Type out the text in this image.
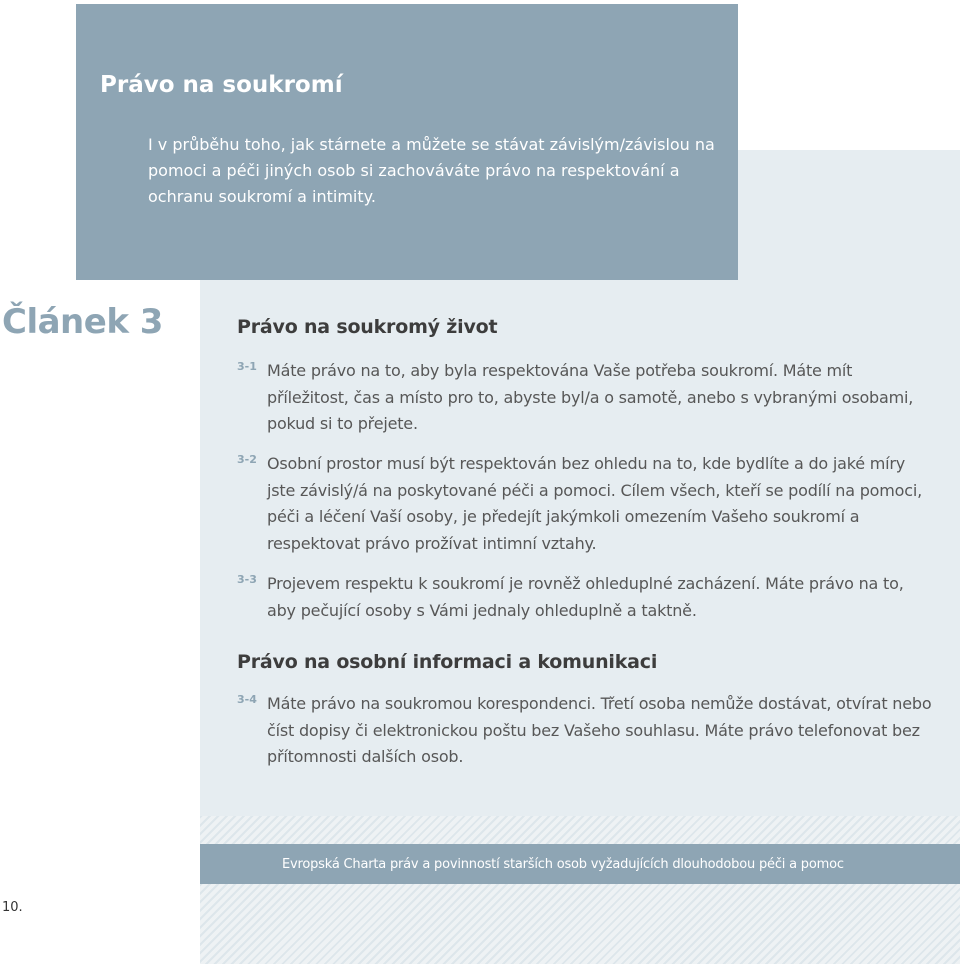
Evropská Charta práv a povinností starších osob vyžadujících dlouhodobou péči a pomoc
Právo na soukromí

I v průběhu toho, jak stárnete a můžete se stávat závislým/závislou na pomoci a péči jiných osob si zachováváte právo na respektování a ochranu soukromí a intimity.

Článek 3	Právo na soukromý život
3-1 Máte právo na to, aby byla respektována Vaše potřeba soukromí. Máte mít příležitost, čas a místo pro to, abyste byl/a o samotě, anebo s vybranými osobami, pokud si to přejete.

3-2 Osobní prostor musí být respektován bez ohledu na to, kde bydlíte a do jaké míry jste závislý/á na poskytované péči a pomoci. Cílem všech, kteří se podílí na pomoci, péči a léčení Vaší osoby, je předejít jakýmkoli omezením Vašeho soukromí a respektovat právo prožívat intimní vztahy.

3-3 Projevem respektu k soukromí je rovněž ohleduplné zacházení. Máte právo na to, aby pečující osoby s Vámi jednaly ohleduplně a taktně.

Právo na osobní informaci a komunikaci
3-4 Máte právo na soukromou korespondenci. Třetí osoba nemůže dostávat, otvírat nebo číst dopisy či elektronickou poštu bez Vašeho souhlasu. Máte právo telefonovat bez přítomnosti dalších osob.

10.
